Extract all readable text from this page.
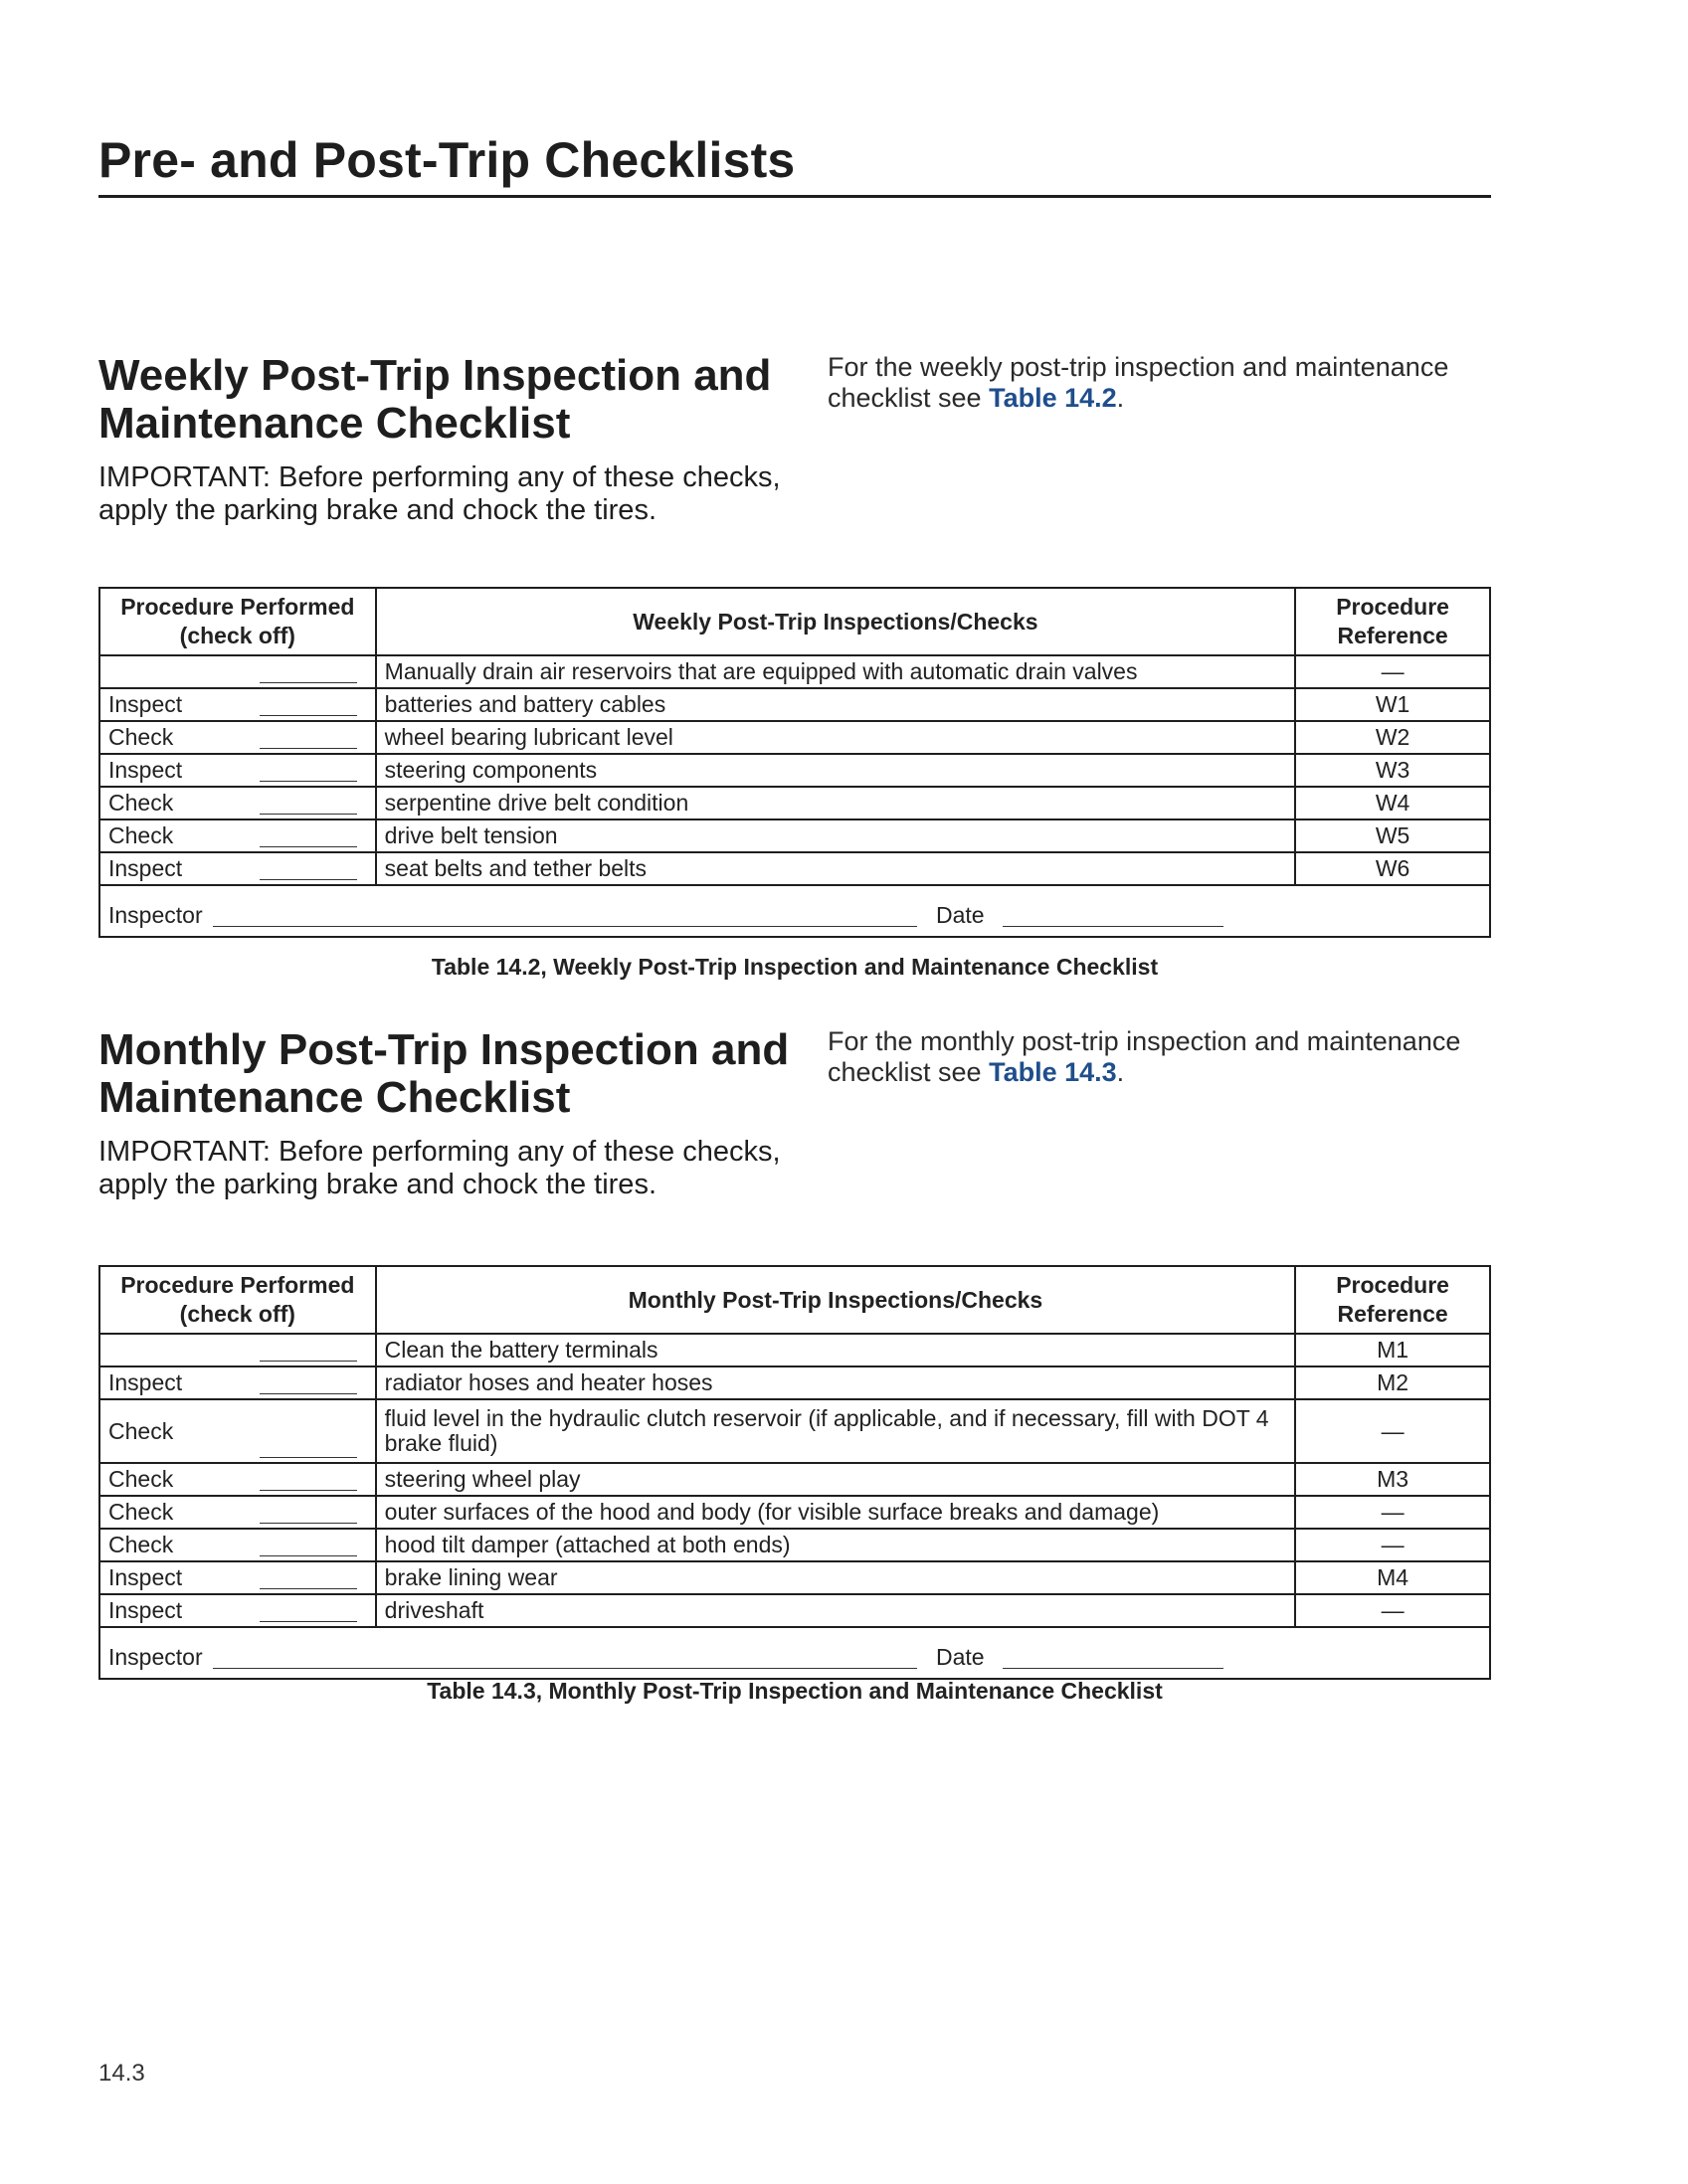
Pre- and Post-Trip Checklists
Weekly Post-Trip Inspection and Maintenance Checklist
IMPORTANT: Before performing any of these checks, apply the parking brake and chock the tires.
For the weekly post-trip inspection and maintenance checklist see Table 14.2.
Procedure Performed (check off)	Weekly Post-Trip Inspections/Checks	Procedure Reference

	Manually drain air reservoirs that are equipped with automatic drain valves	—
Inspect	batteries and battery cables	W1
Check	wheel bearing lubricant level	W2
Inspect	steering components	W3
Check	serpentine drive belt condition	W4
Check	drive belt tension	W5
Inspect	seat belts and tether belts	W6

Inspector Date		
Table 14.2, Weekly Post-Trip Inspection and Maintenance Checklist
Monthly Post-Trip Inspection and Maintenance Checklist
IMPORTANT: Before performing any of these checks, apply the parking brake and chock the tires.
For the monthly post-trip inspection and maintenance checklist see Table 14.3.
Procedure Performed (check off)	Monthly Post-Trip Inspections/Checks	Procedure Reference

	Clean the battery terminals	M1
Inspect	radiator hoses and heater hoses	M2
Check	fluid level in the hydraulic clutch reservoir (if applicable, and if necessary, fill with DOT 4 brake fluid)	—
Check	steering wheel play	M3
Check	outer surfaces of the hood and body (for visible surface breaks and damage)	—
Check	hood tilt damper (attached at both ends)	—
Inspect	brake lining wear	M4
Inspect	driveshaft	—

Inspector Date		
Table 14.3, Monthly Post-Trip Inspection and Maintenance Checklist
14.3
